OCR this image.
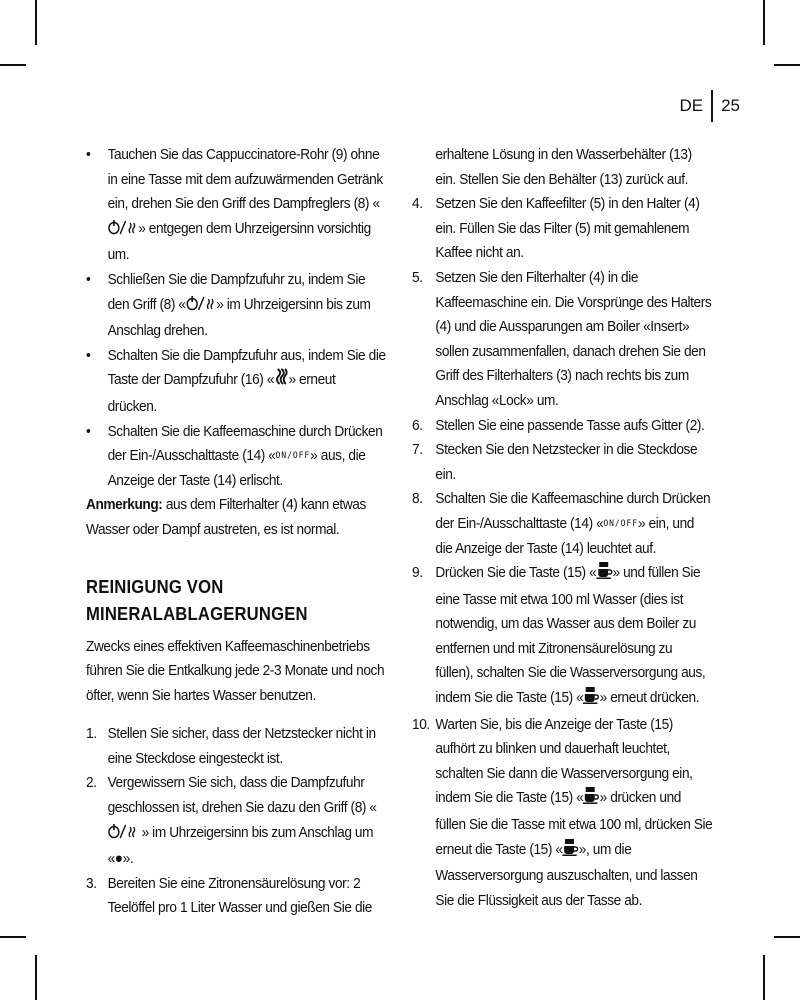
DE 25
• Tauchen Sie das Cappuccinatore-Rohr (9) ohne in eine Tasse mit dem aufzuwärmenden Getränk ein, drehen Sie den Griff des Dampfreglers (8) «» entgegen dem Uhrzeigersinn vorsichtig um.
• Schließen Sie die Dampfzufuhr zu, indem Sie den Griff (8) « » im Uhrzeigersinn bis zum Anschlag drehen.
• Schalten Sie die Dampfzufuhr aus, indem Sie die Taste der Dampfzufuhr (16) « » erneut drücken.
• Schalten Sie die Kaffeemaschine durch Drücken der Ein-/Ausschalttaste (14) «ON/OFF» aus, die Anzeige der Taste (14) erlischt.

Anmerkung: aus dem Filterhalter (4) kann etwas Wasser oder Dampf austreten, es ist normal.

REINIGUNG VON
MINERALABLAGERUNGEN

Zwecks eines effektiven Kaffeemaschinenbetriebs führen Sie die Entkalkung jede 2-3 Monate und noch öfter, wenn Sie hartes Wasser benutzen.

1. Stellen Sie sicher, dass der Netzstecker nicht in eine Steckdose eingesteckt ist.
2. Vergewissern Sie sich, dass die Dampfzufuhr geschlossen ist, drehen Sie dazu den Griff (8) «  » im Uhrzeigersinn bis zum Anschlag um «●».
3. Bereiten Sie eine Zitronensäurelösung vor: 2 Teelöffel pro 1 Liter Wasser und gießen Sie die

erhaltene Lösung in den Wasserbehälter (13) ein. Stellen Sie den Behälter (13) zurück auf.

4. Setzen Sie den Kaffeefilter (5) in den Halter (4) ein. Füllen Sie das Filter (5) mit gemahlenem Kaffee nicht an.
5. Setzen Sie den Filterhalter (4) in die Kaffeemaschine ein. Die Vorsprünge des Halters (4) und die Aussparungen am Boiler «Insert» sollen zusammenfallen, danach drehen Sie den Griff des Filterhalters (3) nach rechts bis zum Anschlag «Lock» um.
6. Stellen Sie eine passende Tasse aufs Gitter (2).
7. Stecken Sie den Netzstecker in die Steckdose ein.
8. Schalten Sie die Kaffeemaschine durch Drücken der Ein-/Ausschalttaste (14) «ON/OFF» ein, und die Anzeige der Taste (14) leuchtet auf.
9. Drücken Sie die Taste (15) « » und füllen Sie eine Tasse mit etwa 100 ml Wasser (dies ist notwendig, um das Wasser aus dem Boiler zu entfernen und mit Zitronensäurelösung zu füllen), schalten Sie die Wasserversorgung aus, indem Sie die Taste (15) « » erneut drücken.
10. Warten Sie, bis die Anzeige der Taste (15) aufhört zu blinken und dauerhaft leuchtet, schalten Sie dann die Wasserversorgung ein, indem Sie die Taste (15) « » drücken und füllen Sie die Tasse mit etwa 100 ml, drücken Sie erneut die Taste (15) « », um die Wasserversorgung auszuschalten, und lassen Sie die Flüssigkeit aus der Tasse ab.
